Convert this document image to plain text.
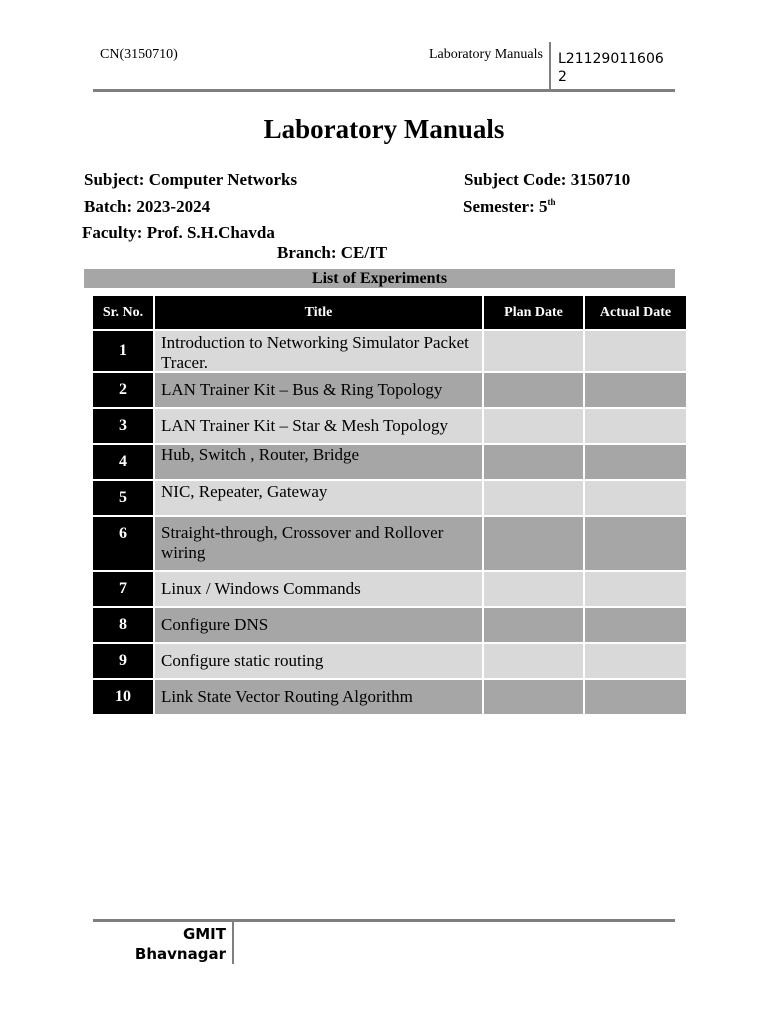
CN(3150710)	Laboratory Manuals L211290116062
Laboratory Manuals
Subject: Computer Networks	Subject Code: 3150710
Batch: 2023-2024	Semester: 5th
Faculty: Prof. S.H.Chavda
Branch: CE/IT
List of Experiments
Sr. No.	Title	Plan Date	Actual Date
1	Introduction to Networking Simulator Packet Tracer.
2	LAN Trainer Kit – Bus & Ring Topology
3	LAN Trainer Kit – Star & Mesh Topology
4	Hub, Switch , Router, Bridge
5	NIC, Repeater, Gateway
6	Straight-through, Crossover and Rollover wiring
7	Linux / Windows Commands
8	Configure DNS
9	Configure static routing
10	Link State Vector Routing Algorithm
GMIT
Bhavnagar
